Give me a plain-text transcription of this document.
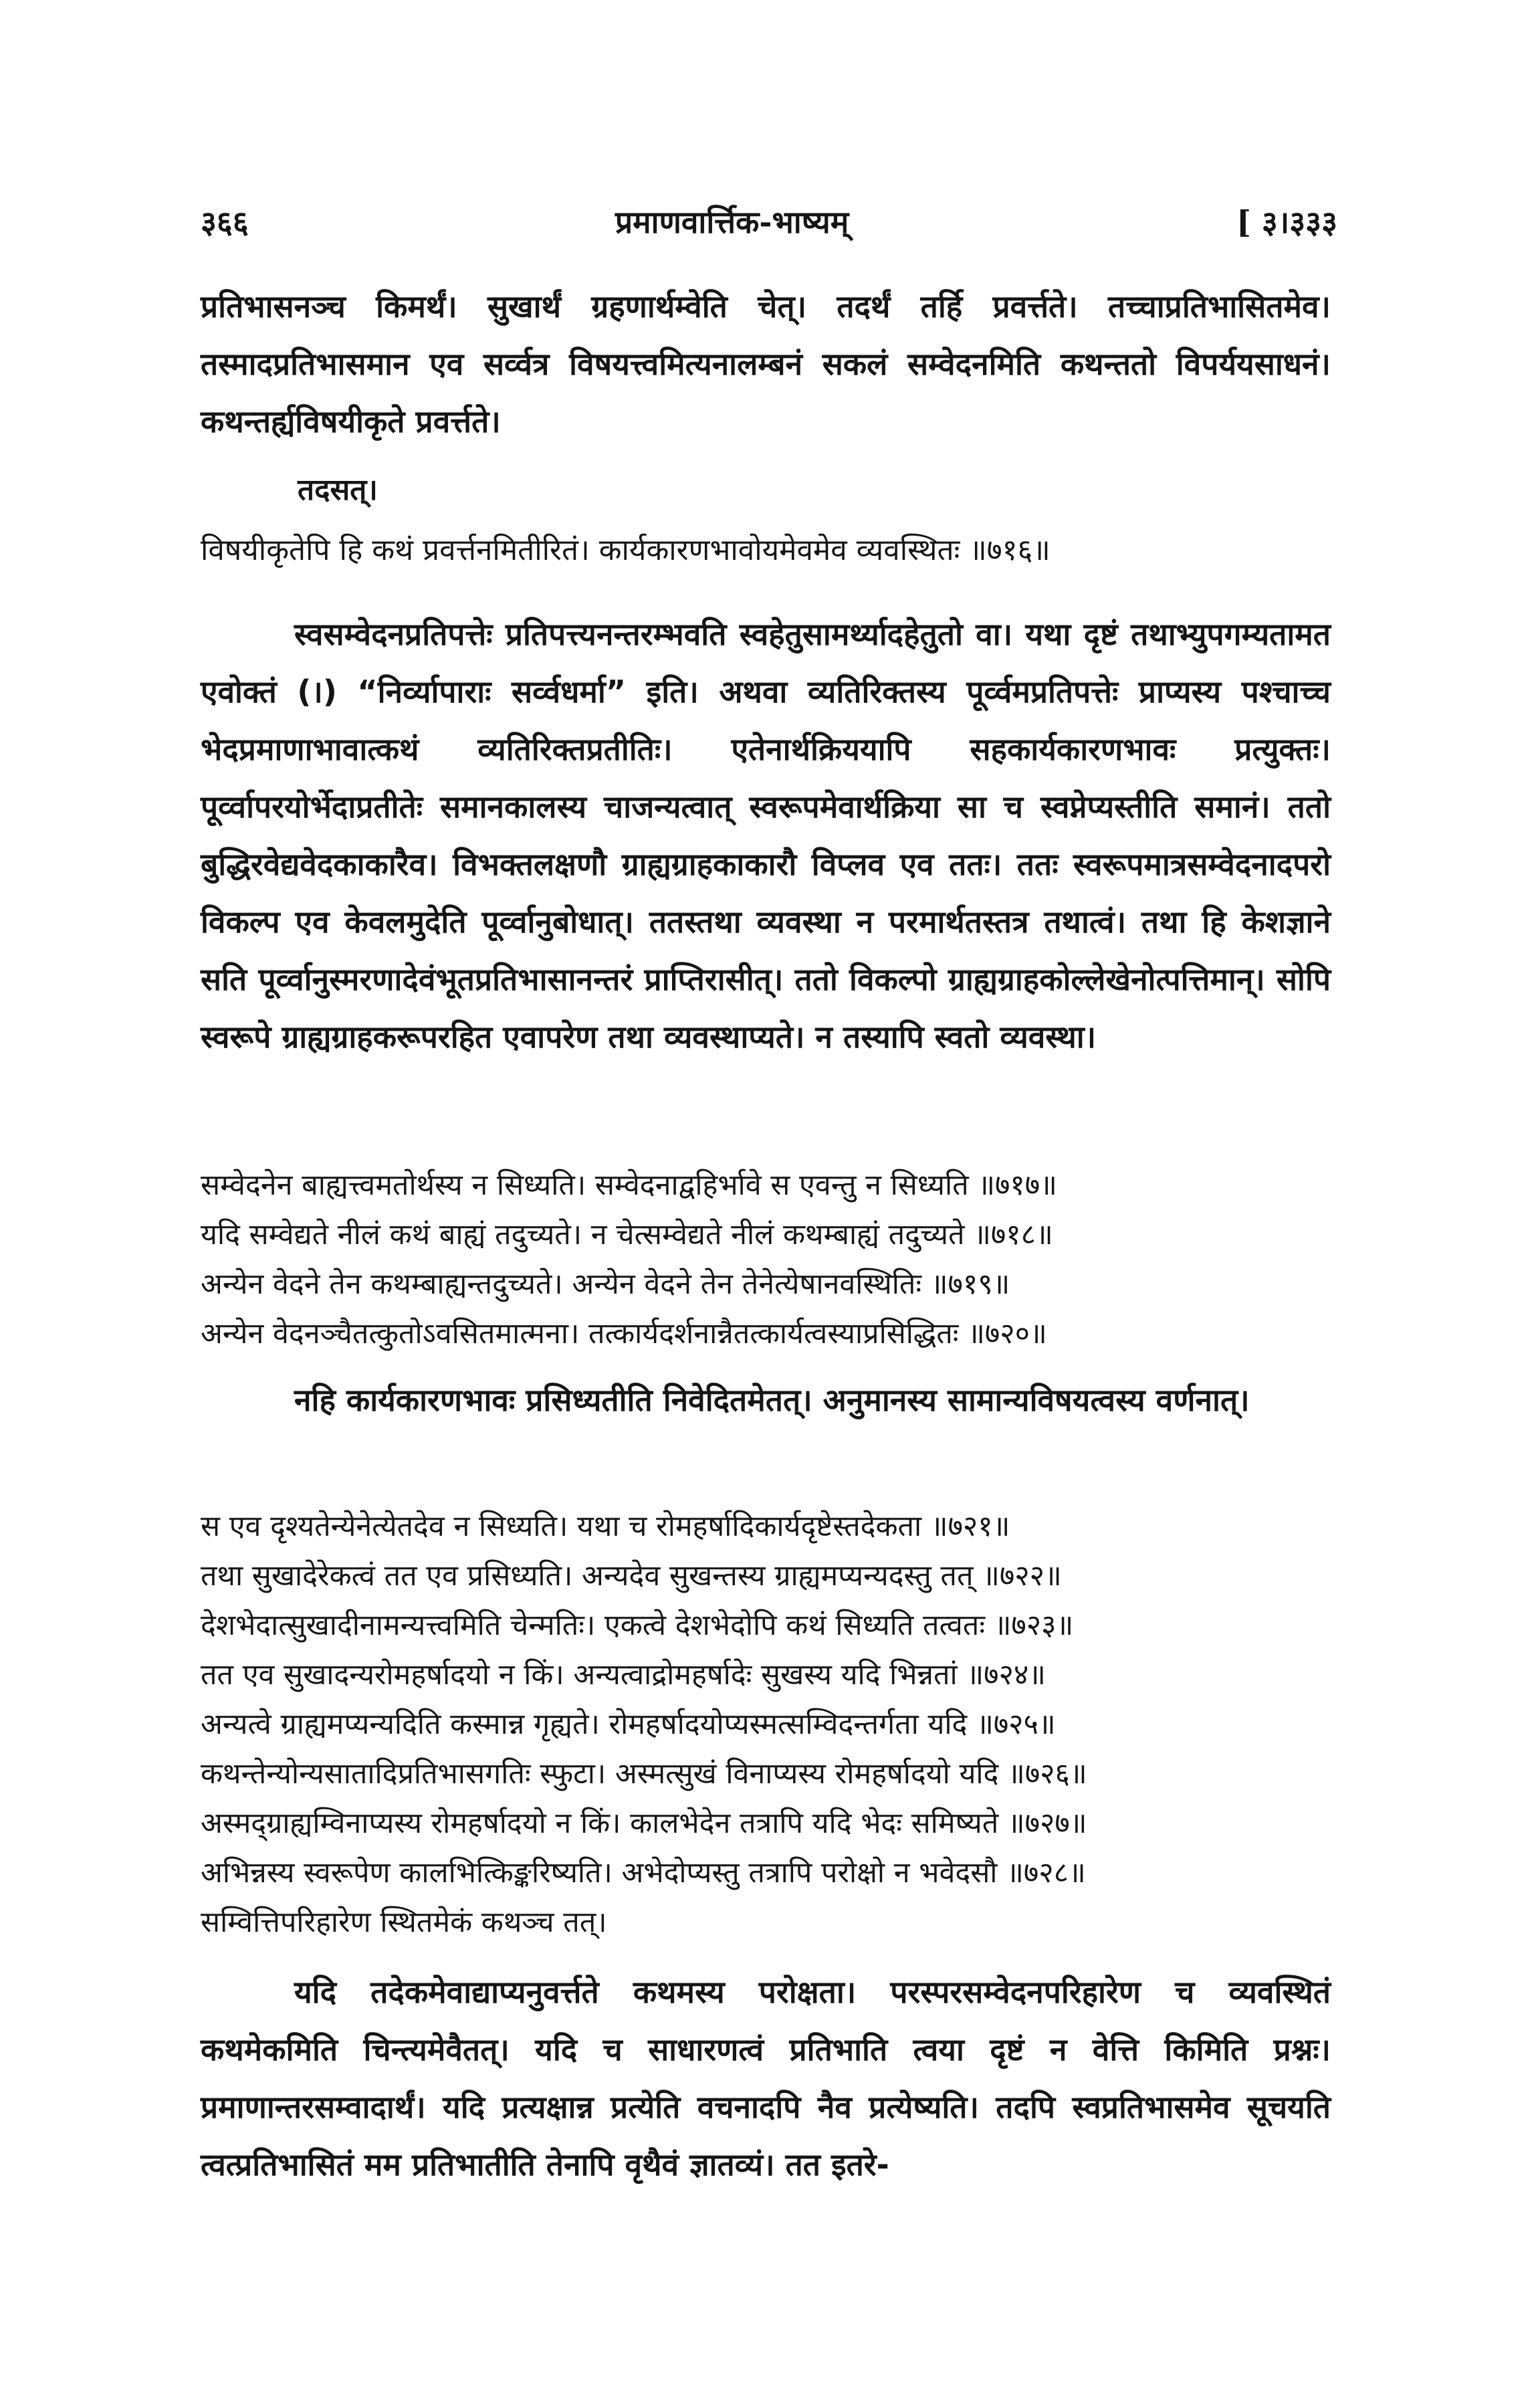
३६६	प्रमाणवार्त्तिक-भाष्यम्	[ ३।३३३

प्रतिभासनञ्च किमर्थं। सुखार्थं ग्रहणार्थम्वेति चेत्। तदर्थं तर्हि प्रवर्त्तते। तच्चाप्रतिभासितमेव। तस्मादप्रतिभासमान एव सर्व्वत्र विषयत्त्वमित्यनालम्बनं सकलं सम्वेदनमिति कथन्ततो विपर्ययसाधनं। कथन्तर्ह्यविषयीकृते प्रवर्त्तते।

तदसत्।
विषयीकृतेपि हि कथं प्रवर्त्तनमितीरितं। कार्यकारणभावोयमेवमेव व्यवस्थितः ॥७१६॥

स्वसम्वेदनप्रतिपत्तेः प्रतिपत्त्यनन्तरम्भवति स्वहेतुसामर्थ्यादहेतुतो वा। यथा दृष्टं तथाभ्युपगम्यतामत एवोक्तं (।) “निर्व्यापाराः सर्व्वधर्मा” इति। अथवा व्यतिरिक्तस्य पूर्व्वमप्रतिपत्तेः प्राप्यस्य पश्चाच्च भेदप्रमाणाभावात्कथं व्यतिरिक्तप्रतीतिः। एतेनार्थक्रिययापि सहकार्यकारणभावः प्रत्युक्तः। पूर्व्वापरयोर्भेदाप्रतीतेः समानकालस्य चाजन्यत्वात् स्वरूपमेवार्थक्रिया सा च स्वप्नेप्यस्तीति समानं। ततो बुद्धिरवेद्यवेदकाकारैव। विभक्तलक्षणौ ग्राह्यग्राहकाकारौ विप्लव एव ततः। ततः स्वरूपमात्रसम्वेदनादपरो विकल्प एव केवलमुदेति पूर्व्वानुबोधात्। ततस्तथा व्यवस्था न परमार्थतस्तत्र तथात्वं। तथा हि केशज्ञाने सति पूर्व्वानुस्मरणादेवंभूतप्रतिभासानन्तरं प्राप्तिरासीत्। ततो विकल्पो ग्राह्यग्राहकोल्लेखेनोत्पत्तिमान्। सोपि स्वरूपे ग्राह्यग्राहकरूपरहित एवापरेण तथा व्यवस्थाप्यते। न तस्यापि स्वतो व्यवस्था।

सम्वेदनेन बाह्यत्त्वमतोर्थस्य न सिध्यति। सम्वेदनाद्वहिर्भावे स एवन्तु न सिध्यति ॥७१७॥
यदि सम्वेद्यते नीलं कथं बाह्यं तदुच्यते। न चेत्सम्वेद्यते नीलं कथम्बाह्यं तदुच्यते ॥७१८॥
अन्येन वेदने तेन कथम्बाह्यन्तदुच्यते। अन्येन वेदने तेन तेनेत्येषानवस्थितिः ॥७१९॥
अन्येन वेदनञ्चैतत्कुतोऽवसितमात्मना। तत्कार्यदर्शनान्नैतत्कार्यत्वस्याप्रसिद्धितः ॥७२०॥

नहि कार्यकारणभावः प्रसिध्यतीति निवेदितमेतत्। अनुमानस्य सामान्यविषयत्वस्य वर्णनात्।

स एव दृश्यतेन्येनेत्येतदेव न सिध्यति। यथा च रोमहर्षादिकार्यदृष्टेस्तदेकता ॥७२१॥
तथा सुखादेरेकत्वं तत एव प्रसिध्यति। अन्यदेव सुखन्तस्य ग्राह्यमप्यन्यदस्तु तत् ॥७२२॥
देशभेदात्सुखादीनामन्यत्त्वमिति चेन्मतिः। एकत्वे देशभेदोपि कथं सिध्यति तत्वतः ॥७२३॥
तत एव सुखादन्यरोमहर्षादयो न किं। अन्यत्वाद्रोमहर्षादेः सुखस्य यदि भिन्नतां ॥७२४॥
अन्यत्वे ग्राह्यमप्यन्यदिति कस्मान्न गृह्यते। रोमहर्षादयोप्यस्मत्सम्विदन्तर्गता यदि ॥७२५॥
कथन्तेन्योन्यसातादिप्रतिभासगतिः स्फुटा। अस्मत्सुखं विनाप्यस्य रोमहर्षादयो यदि ॥७२६॥
अस्मद्ग्राह्यम्विनाप्यस्य रोमहर्षादयो न किं। कालभेदेन तत्रापि यदि भेदः समिष्यते ॥७२७॥
अभिन्नस्य स्वरूपेण कालभित्किङ्करिष्यति। अभेदोप्यस्तु तत्रापि परोक्षो न भवेदसौ ॥७२८॥
सम्वित्तिपरिहारेण स्थितमेकं कथञ्च तत्।

यदि तदेकमेवाद्याप्यनुवर्त्तते कथमस्य परोक्षता। परस्परसम्वेदनपरिहारेण च व्यवस्थितं कथमेकमिति चिन्त्यमेवैतत्। यदि च साधारणत्वं प्रतिभाति त्वया दृष्टं न वेत्ति किमिति प्रश्नः। प्रमाणान्तरसम्वादार्थं। यदि प्रत्यक्षान्न प्रत्येति वचनादपि नैव प्रत्येष्यति। तदपि स्वप्रतिभासमेव सूचयति त्वत्प्रतिभासितं मम प्रतिभातीति तेनापि वृथैवं ज्ञातव्यं। तत इतरे-
